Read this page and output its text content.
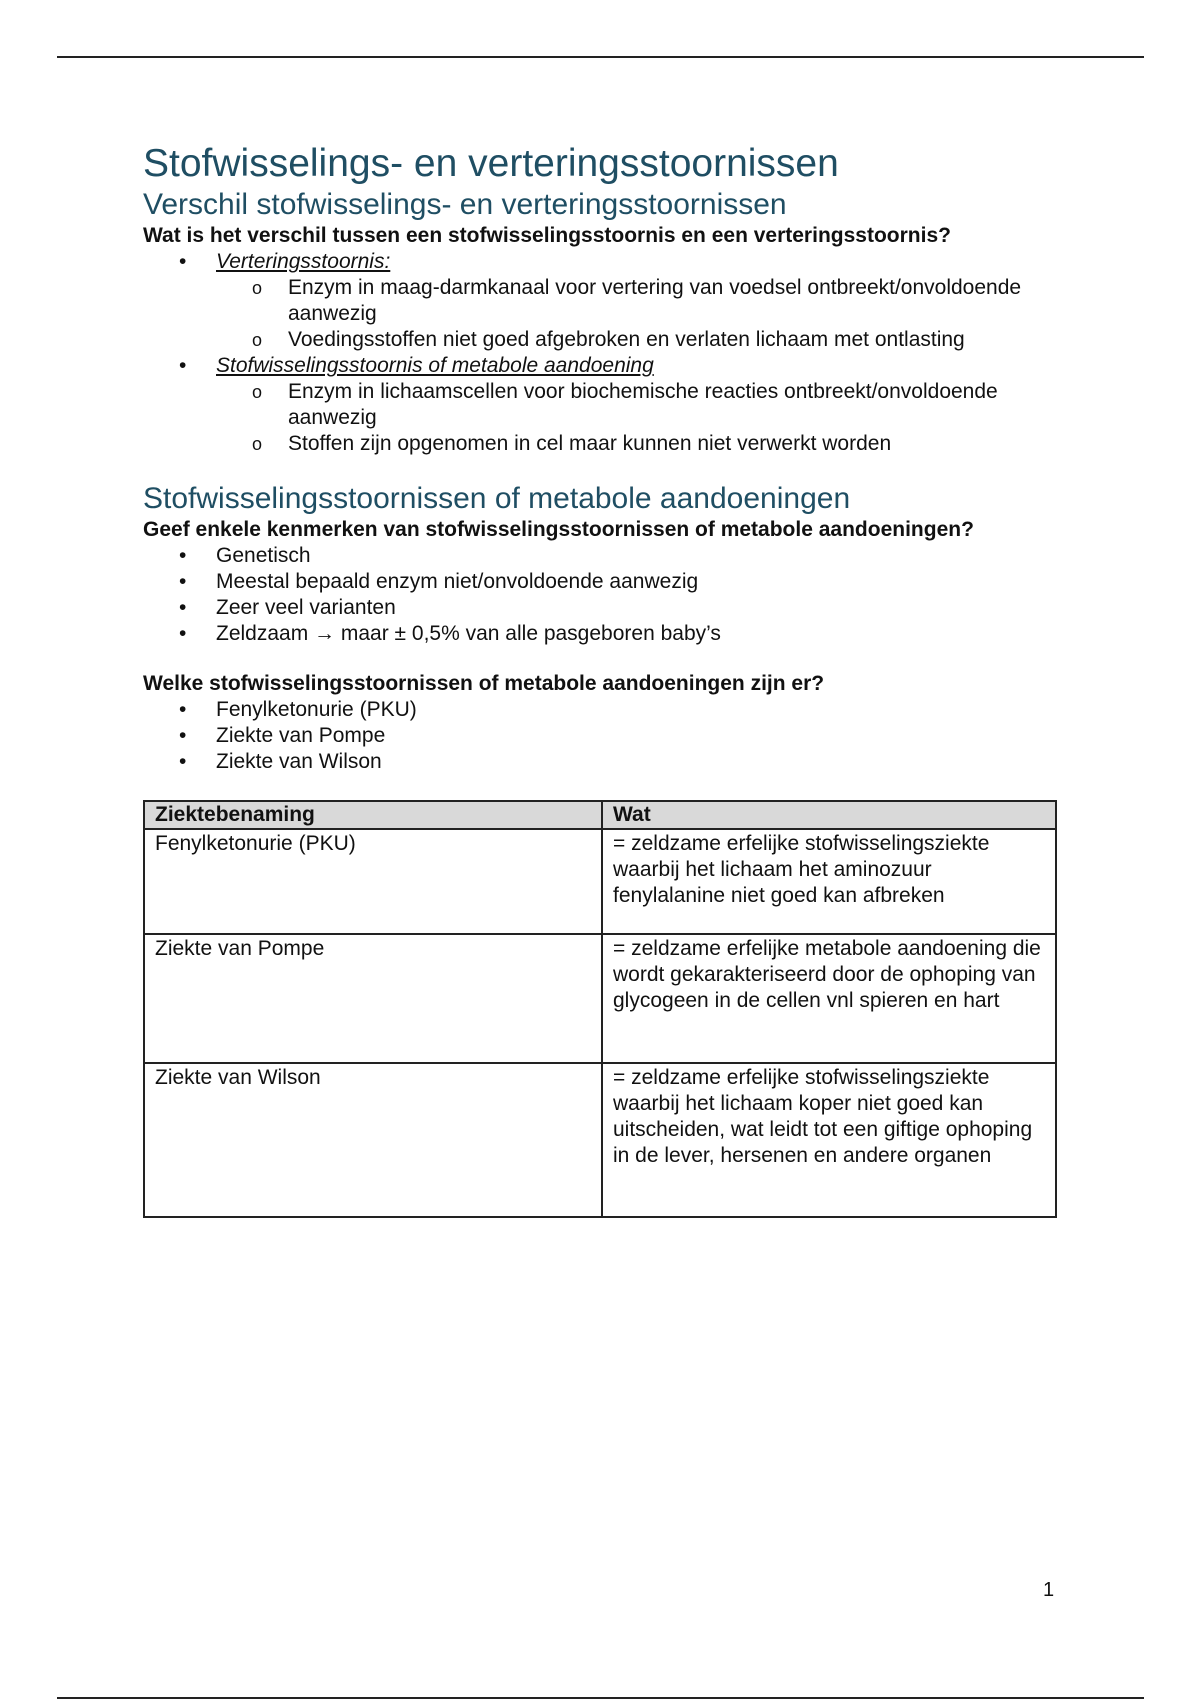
Stofwisselings- en verteringsstoornissen
Verschil stofwisselings- en verteringsstoornissen

Wat is het verschil tussen een stofwisselingsstoornis en een verteringsstoornis?

• Verteringsstoornis:
o Enzym in maag-darmkanaal voor vertering van voedsel ontbreekt/onvoldoende aanwezig
o Voedingsstoffen niet goed afgebroken en verlaten lichaam met ontlasting
• Stofwisselingsstoornis of metabole aandoening
o Enzym in lichaamscellen voor biochemische reacties ontbreekt/onvoldoende aanwezig
o Stoffen zijn opgenomen in cel maar kunnen niet verwerkt worden
Stofwisselingsstoornissen of metabole aandoeningen

Geef enkele kenmerken van stofwisselingsstoornissen of metabole aandoeningen?

• Genetisch
• Meestal bepaald enzym niet/onvoldoende aanwezig
• Zeer veel varianten
• Zeldzaam → maar ± 0,5% van alle pasgeboren baby’s

Welke stofwisselingsstoornissen of metabole aandoeningen zijn er?

• Fenylketonurie (PKU)
• Ziekte van Pompe
• Ziekte van Wilson
Ziektebenaming	Wat
Fenylketonurie (PKU)	= zeldzame erfelijke stofwisselingsziekte waarbij het lichaam het aminozuur fenylalanine niet goed kan afbreken
Ziekte van Pompe	= zeldzame erfelijke metabole aandoening die wordt gekarakteriseerd door de ophoping van glycogeen in de cellen vnl spieren en hart
Ziekte van Wilson	= zeldzame erfelijke stofwisselingsziekte waarbij het lichaam koper niet goed kan uitscheiden, wat leidt tot een giftige ophoping in de lever, hersenen en andere organen
1
